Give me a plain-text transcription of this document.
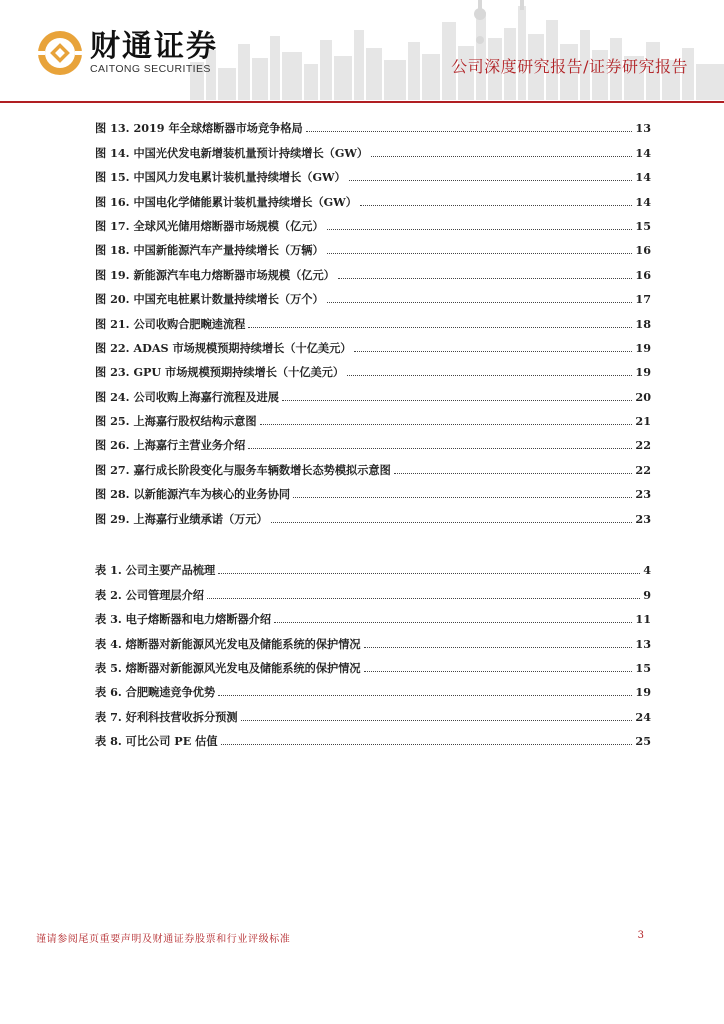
财通证券
CAITONG SECURITIES	公司深度研究报告/证券研究报告
图 13. 2019 年全球熔断器市场竞争格局	13
图 14. 中国光伏发电新增装机量预计持续增长（GW）	14
图 15. 中国风力发电累计装机量持续增长（GW）	14
图 16. 中国电化学储能累计装机量持续增长（GW）	14
图 17. 全球风光储用熔断器市场规模（亿元）	15
图 18. 中国新能源汽车产量持续增长（万辆）	16
图 19. 新能源汽车电力熔断器市场规模（亿元）	16
图 20. 中国充电桩累计数量持续增长（万个）	17
图 21. 公司收购合肥畹逵流程	18
图 22. ADAS 市场规模预期持续增长（十亿美元）	19
图 23. GPU 市场规模预期持续增长（十亿美元）	19
图 24. 公司收购上海嘉行流程及进展	20
图 25. 上海嘉行股权结构示意图	21
图 26. 上海嘉行主营业务介绍	22
图 27. 嘉行成长阶段变化与服务车辆数增长态势模拟示意图	22
图 28. 以新能源汽车为核心的业务协同	23
图 29. 上海嘉行业绩承诺（万元）	23
表 1. 公司主要产品梳理	4
表 2. 公司管理层介绍	9
表 3. 电子熔断器和电力熔断器介绍	11
表 4. 熔断器对新能源风光发电及储能系统的保护情况	13
表 5. 熔断器对新能源风光发电及储能系统的保护情况	15
表 6. 合肥畹逵竞争优势	19
表 7. 好利科技营收拆分预测	24
表 8. 可比公司 PE 估值	25
谨请参阅尾页重要声明及财通证券股票和行业评级标准	3
